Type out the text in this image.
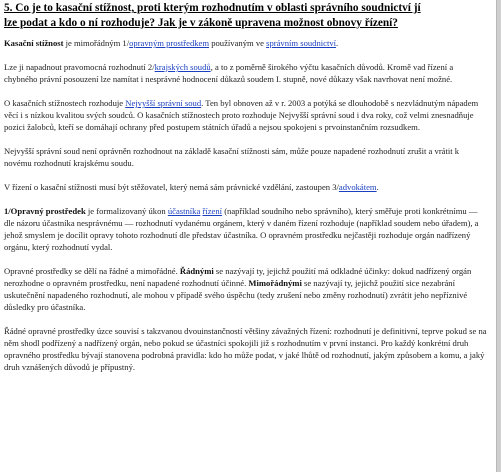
5. Co je to kasační stížnost, proti kterým rozhodnutím v oblasti správního soudnictví jí
lze podat a kdo o ní rozhoduje? Jak je v zákoně upravena možnost obnovy řízení?

Kasační stížnost je mimořádným 1/opravným prostředkem používaným ve správním soudnictví.

Lze ji napadnout pravomocná rozhodnutí 2/krajských soudů, a to z poměrně širokého výčtu kasačních důvodů. Kromě vad řízení a chybného právní posouzení lze namítat i nesprávné hodnocení důkazů soudem I. stupně, nové důkazy však navrhovat není možné.

O kasačních stížnostech rozhoduje Nejvyšší správní soud. Ten byl obnoven až v r. 2003 a potýká se dlouhodobě s nezvládnutým nápadem věcí i s nízkou kvalitou svých soudců. O kasačních stížnostech proto rozhoduje Nejvyšší správní soud i dva roky, což velmi znesnadňuje pozici žalobců, kteří se domáhají ochrany před postupem státních úřadů a nejsou spokojeni s prvoinstančním rozsudkem.

Nejvyšší správní soud není oprávněn rozhodnout na základě kasační stížnosti sám, může pouze napadené rozhodnutí zrušit a vrátit k novému rozhodnutí krajskému soudu.

V řízení o kasační stížnosti musí být stěžovatel, který nemá sám právnické vzdělání, zastoupen 3/advokátem.

1/Opravný prostředek je formalizovaný úkon účastníka řízení (například soudního nebo správního), který směřuje proti konkrétnímu — dle názoru účastníka nesprávnému — rozhodnutí vydanému orgánem, který v daném řízení rozhoduje (například soudem nebo úřadem), a jehož smyslem je docílit opravy tohoto rozhodnutí dle představ účastníka. O opravném prostředku nejčastěji rozhoduje orgán nadřízený orgánu, který rozhodnutí vydal.

Opravné prostředky se dělí na řádné a mimořádné. Řádnými se nazývají ty, jejichž použití má odkladné účinky: dokud nadřízený orgán nerozhodne o opravném prostředku, není napadené rozhodnutí účinné. Mimořádnými se nazývají ty, jejichž použití sice nezabrání uskutečnění napadeného rozhodnutí, ale mohou v případě svého úspěchu (tedy zrušení nebo změny rozhodnutí) zvrátit jeho nepříznivé důsledky pro účastníka.

Řádné opravné prostředky úzce souvisí s takzvanou dvouinstančností většiny závažných řízení: rozhodnutí je definitivní, teprve pokud se na něm shodl podřízený a nadřízený orgán, nebo pokud se účastníci spokojili již s rozhodnutím v první instanci. Pro každý konkrétní druh opravného prostředku bývají stanovena podrobná pravidla: kdo ho může podat, v jaké lhůtě od rozhodnutí, jakým způsobem a komu, a jaký druh vznášených důvodů je přípustný.
